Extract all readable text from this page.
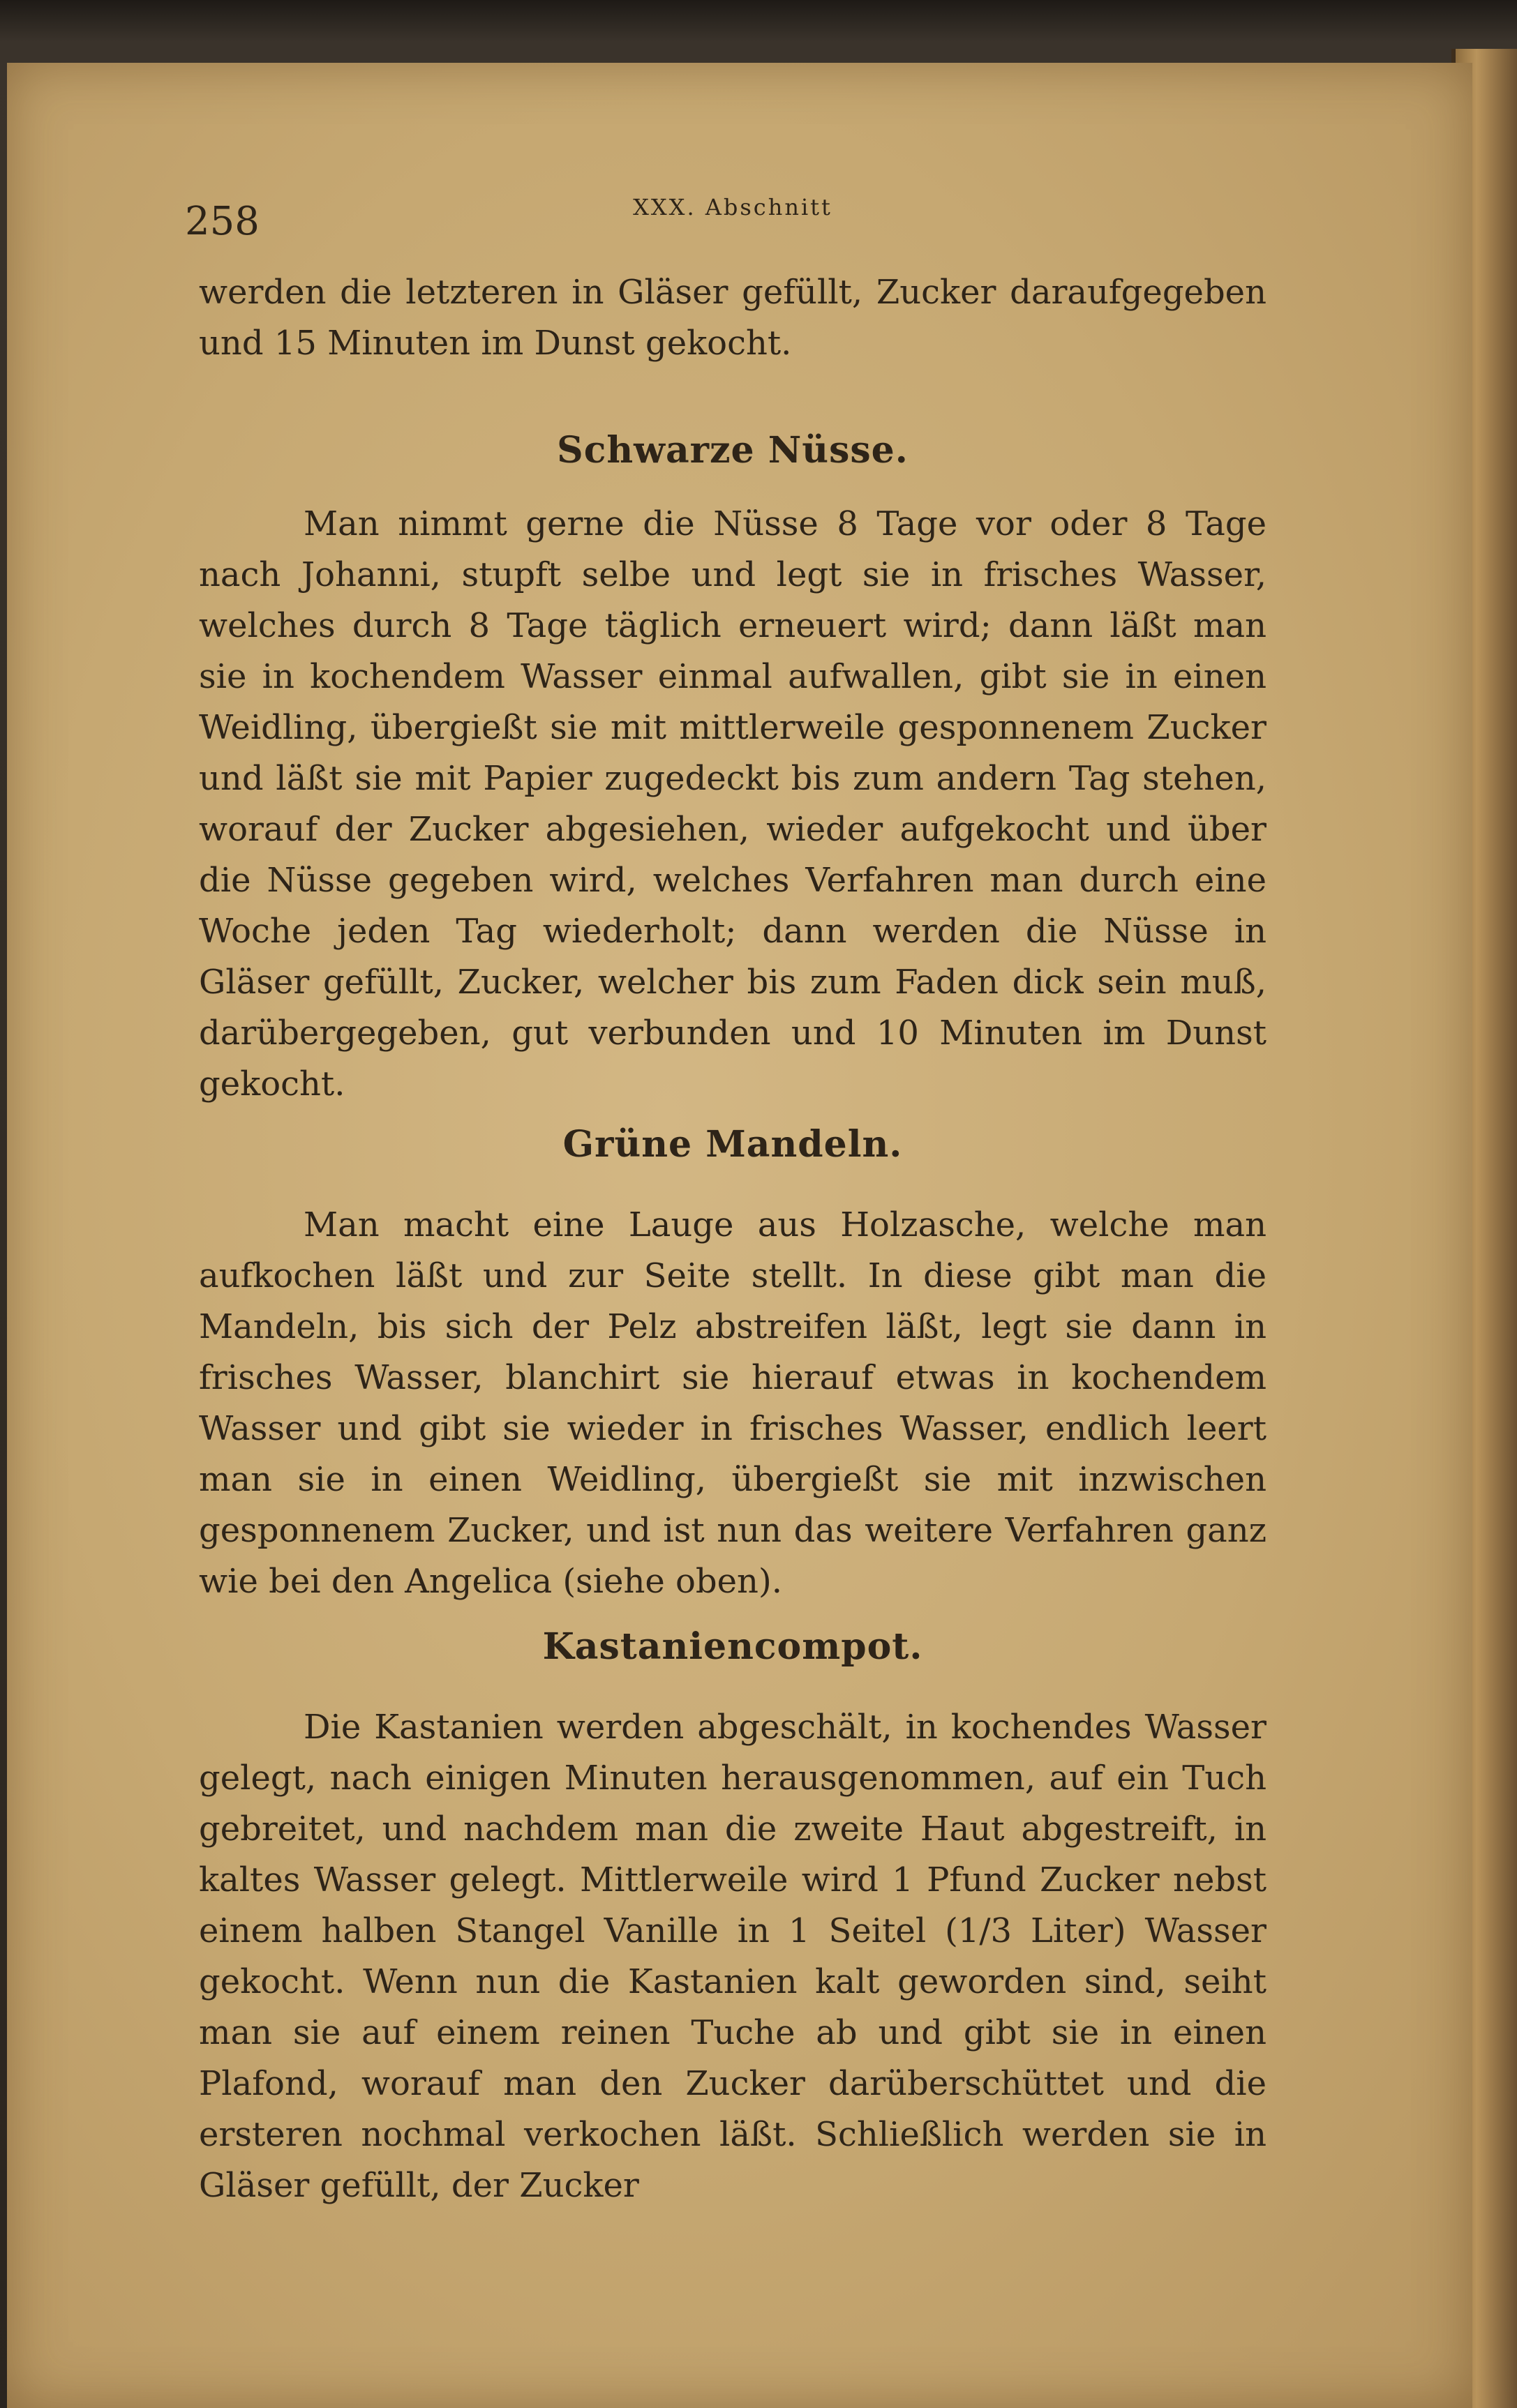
258	XXX. Abschnitt
werden die letzteren in Gläser gefüllt, Zucker daraufgegeben und 15 Minuten im Dunst gekocht.
Schwarze Nüsse.
Man nimmt gerne die Nüsse 8 Tage vor oder 8 Tage nach Johanni, stupft selbe und legt sie in frisches Wasser, welches durch 8 Tage täglich erneuert wird; dann läßt man sie in kochendem Wasser einmal aufwallen, gibt sie in einen Weidling, übergießt sie mit mittlerweile gesponnenem Zucker und läßt sie mit Papier zugedeckt bis zum andern Tag stehen, worauf der Zucker abgesiehen, wieder aufgekocht und über die Nüsse gegeben wird, welches Verfahren man durch eine Woche jeden Tag wiederholt; dann werden die Nüsse in Gläser gefüllt, Zucker, welcher bis zum Faden dick sein muß, darübergegeben, gut verbunden und 10 Minuten im Dunst gekocht.
Grüne Mandeln.
Man macht eine Lauge aus Holzasche, welche man aufkochen läßt und zur Seite stellt. In diese gibt man die Mandeln, bis sich der Pelz abstreifen läßt, legt sie dann in frisches Wasser, blanchirt sie hierauf etwas in kochendem Wasser und gibt sie wieder in frisches Wasser, endlich leert man sie in einen Weidling, übergießt sie mit inzwischen gesponnenem Zucker, und ist nun das weitere Verfahren ganz wie bei den Angelica (siehe oben).
Kastaniencompot.
Die Kastanien werden abgeschält, in kochendes Wasser gelegt, nach einigen Minuten herausgenommen, auf ein Tuch gebreitet, und nachdem man die zweite Haut abgestreift, in kaltes Wasser gelegt. Mittlerweile wird 1 Pfund Zucker nebst einem halben Stangel Vanille in 1 Seitel (1/3 Liter) Wasser gekocht. Wenn nun die Kastanien kalt geworden sind, seiht man sie auf einem reinen Tuche ab und gibt sie in einen Plafond, worauf man den Zucker darüberschüttet und die ersteren nochmal verkochen läßt. Schließlich werden sie in Gläser gefüllt, der Zucker
